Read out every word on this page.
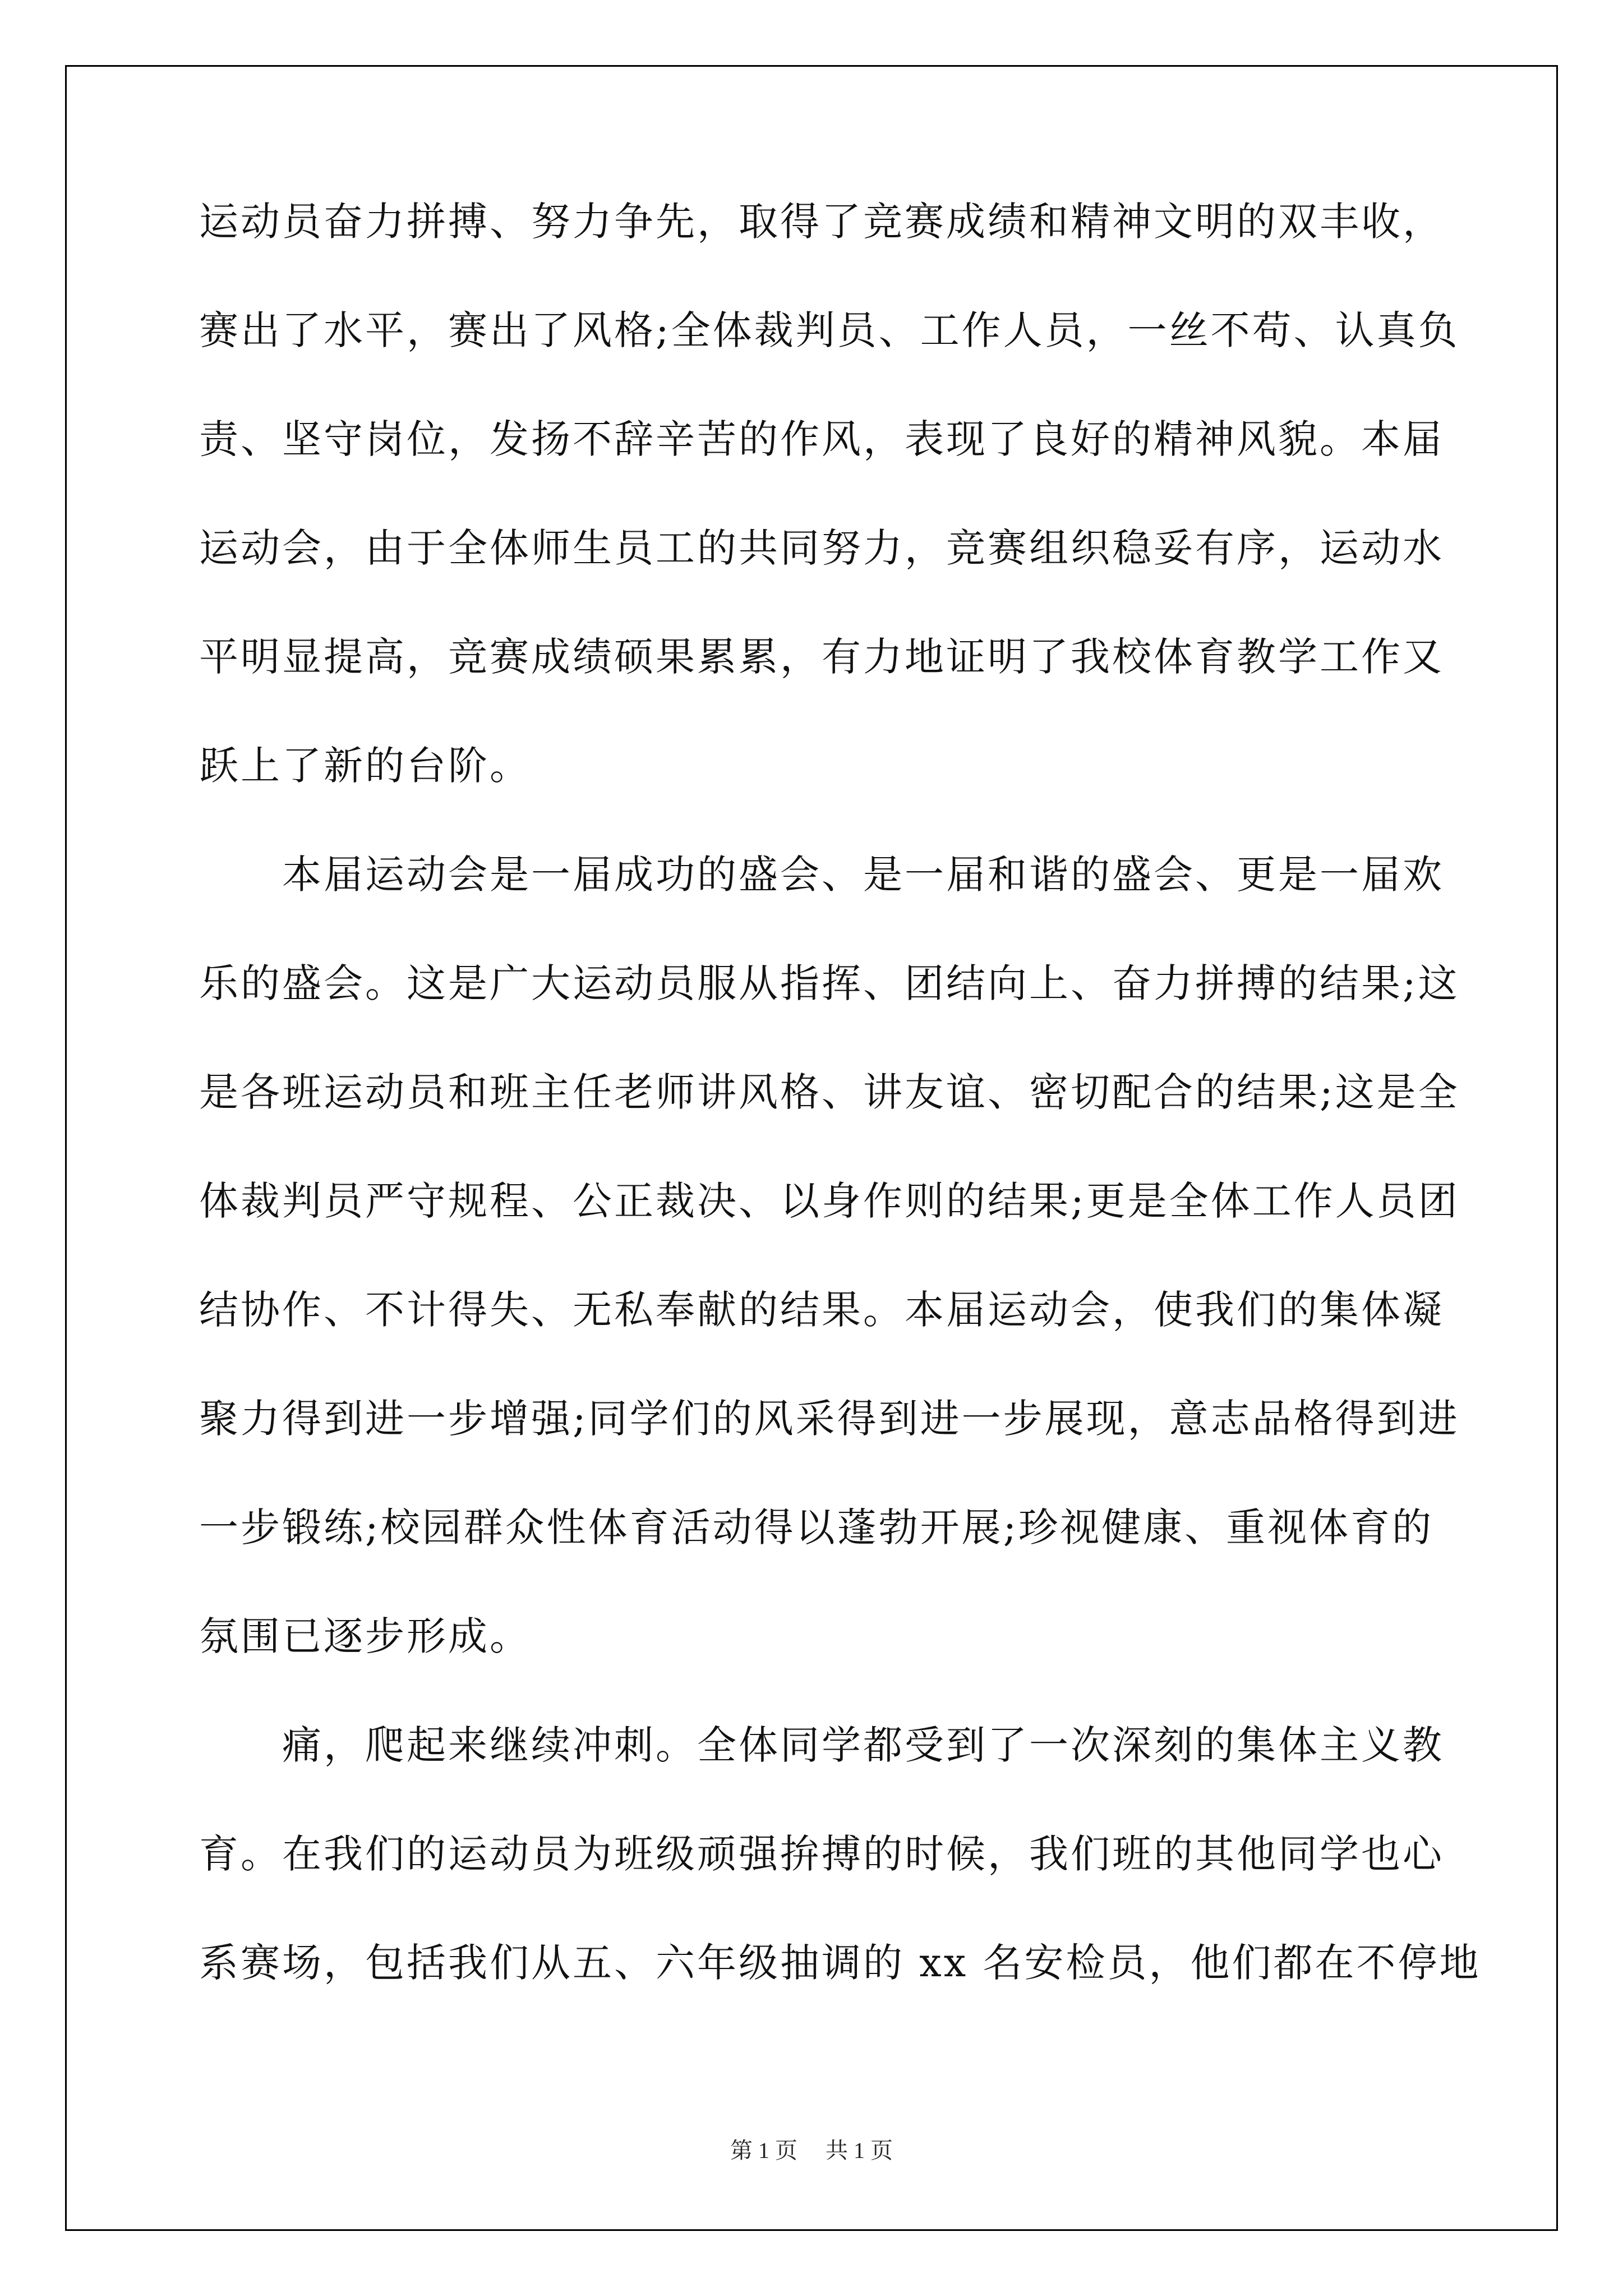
运动员奋力拼搏、努力争先，取得了竞赛成绩和精神文明的双丰收，
赛出了水平，赛出了风格;全体裁判员、工作人员，一丝不苟、认真负
责、坚守岗位，发扬不辞辛苦的作风，表现了良好的精神风貌。本届
运动会，由于全体师生员工的共同努力，竞赛组织稳妥有序，运动水
平明显提高，竞赛成绩硕果累累，有力地证明了我校体育教学工作又
跃上了新的台阶。
本届运动会是一届成功的盛会、是一届和谐的盛会、更是一届欢
乐的盛会。这是广大运动员服从指挥、团结向上、奋力拼搏的结果;这
是各班运动员和班主任老师讲风格、讲友谊、密切配合的结果;这是全
体裁判员严守规程、公正裁决、以身作则的结果;更是全体工作人员团
结协作、不计得失、无私奉献的结果。本届运动会，使我们的集体凝
聚力得到进一步增强;同学们的风采得到进一步展现，意志品格得到进
一步锻练;校园群众性体育活动得以蓬勃开展;珍视健康、重视体育的
氛围已逐步形成。
痛，爬起来继续冲刺。全体同学都受到了一次深刻的集体主义教
育。在我们的运动员为班级顽强拚搏的时候，我们班的其他同学也心
系赛场，包括我们从五、六年级抽调的 xx 名安检员，他们都在不停地
第 1 页 共 1 页
